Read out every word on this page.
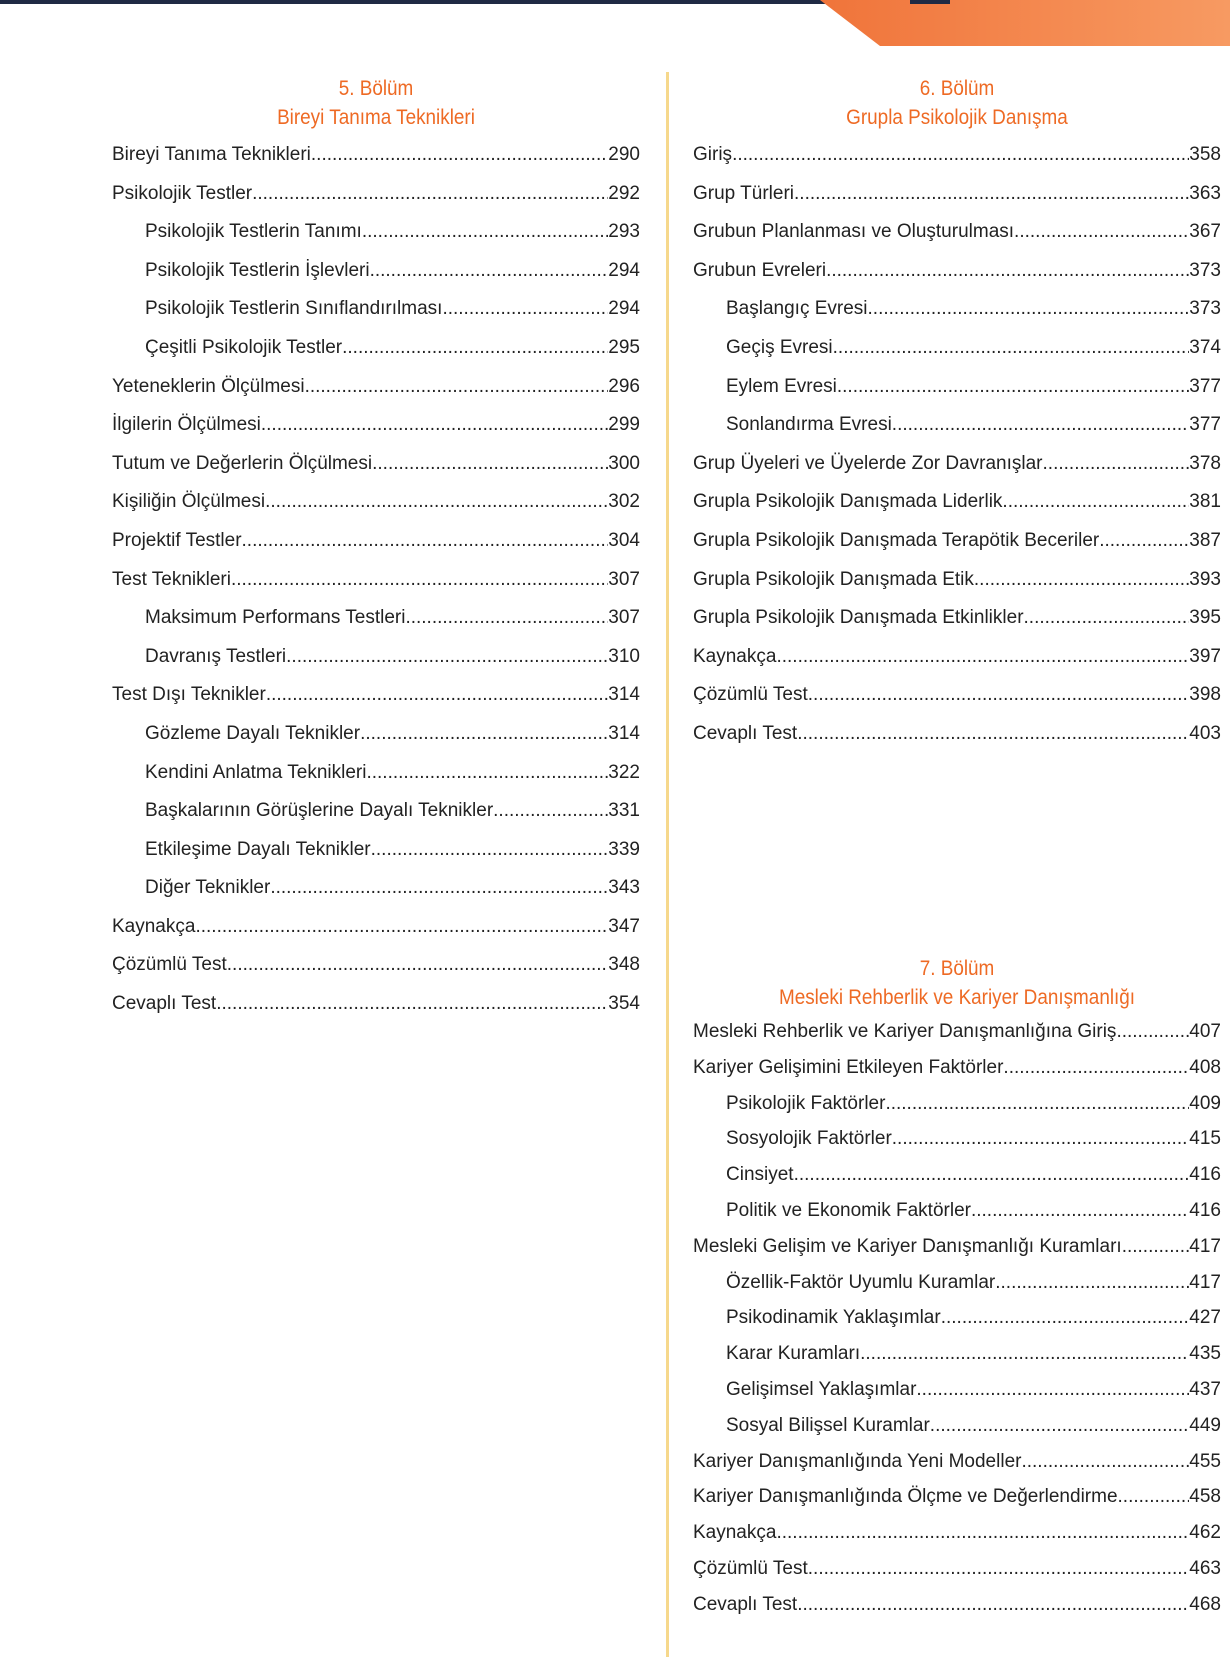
5. Bölüm
Bireyi Tanıma Teknikleri
Bireyi Tanıma Teknikleri .....	290
Psikolojik Testler .....	292
Psikolojik Testlerin Tanımı .....	293
Psikolojik Testlerin İşlevleri .....	294
Psikolojik Testlerin Sınıflandırılması .....	294
Çeşitli Psikolojik Testler .....	295
Yeteneklerin Ölçülmesi .....	296
İlgilerin Ölçülmesi .....	299
Tutum ve Değerlerin Ölçülmesi .....	300
Kişiliğin Ölçülmesi .....	302
Projektif Testler .....	304
Test Teknikleri .....	307
Maksimum Performans Testleri .....	307
Davranış Testleri .....	310
Test Dışı Teknikler .....	314
Gözleme Dayalı Teknikler .....	314
Kendini Anlatma Teknikleri .....	322
Başkalarının Görüşlerine Dayalı Teknikler .....	331
Etkileşime Dayalı Teknikler .....	339
Diğer Teknikler .....	343
Kaynakça .....	347
Çözümlü Test .....	348
Cevaplı Test .....	354
6. Bölüm
Grupla Psikolojik Danışma
Giriş .....	358
Grup Türleri .....	363
Grubun Planlanması ve Oluşturulması .....	367
Grubun Evreleri .....	373
Başlangıç Evresi .....	373
Geçiş Evresi .....	374
Eylem Evresi .....	377
Sonlandırma Evresi .....	377
Grup Üyeleri ve Üyelerde Zor Davranışlar .....	378
Grupla Psikolojik Danışmada Liderlik .....	381
Grupla Psikolojik Danışmada Terapötik Beceriler .....	387
Grupla Psikolojik Danışmada Etik .....	393
Grupla Psikolojik Danışmada Etkinlikler .....	395
Kaynakça .....	397
Çözümlü Test .....	398
Cevaplı Test .....	403
7. Bölüm
Mesleki Rehberlik ve Kariyer Danışmanlığı
Mesleki Rehberlik ve Kariyer Danışmanlığına Giriş .....	407
Kariyer Gelişimini Etkileyen Faktörler .....	408
Psikolojik Faktörler .....	409
Sosyolojik Faktörler .....	415
Cinsiyet .....	416
Politik ve Ekonomik Faktörler .....	416
Mesleki Gelişim ve Kariyer Danışmanlığı Kuramları .....	417
Özellik-Faktör Uyumlu Kuramlar .....	417
Psikodinamik Yaklaşımlar .....	427
Karar Kuramları .....	435
Gelişimsel Yaklaşımlar .....	437
Sosyal Bilişsel Kuramlar .....	449
Kariyer Danışmanlığında Yeni Modeller .....	455
Kariyer Danışmanlığında Ölçme ve Değerlendirme .....	458
Kaynakça .....	462
Çözümlü Test .....	463
Cevaplı Test .....	468
